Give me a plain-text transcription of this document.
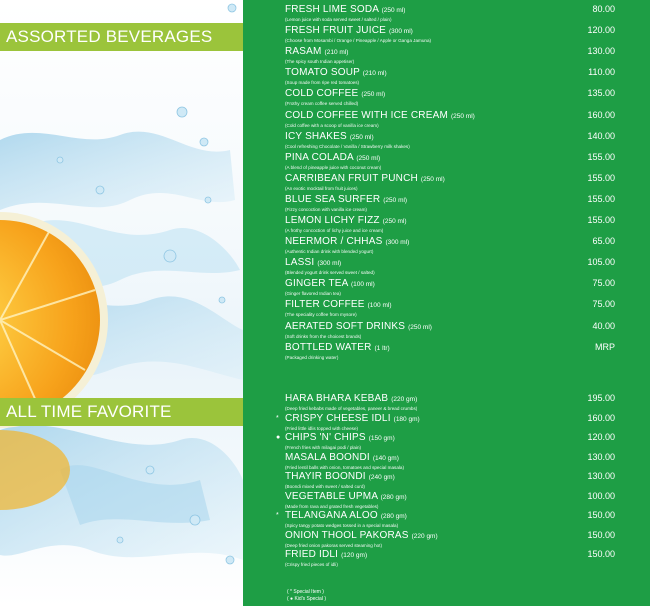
ASSORTED BEVERAGES
ALL TIME FAVORITE
FRESH LIME SODA (250 ml)
(Lemon juice with soda served sweet / salted / plain)
80.00
FRESH FRUIT JUICE (300 ml)
(Choose from Mosambi / Orange / Pineapple / Apple or Ganga Jamuna)
120.00
RASAM (210 ml)
(The spicy south Indian appetiser)
130.00
TOMATO SOUP (210 ml)
(Soup made from ripe red tomatoes)
110.00
COLD COFFEE (250 ml)
(Frothy cream coffee served chilled)
135.00
COLD COFFEE WITH ICE CREAM (250 ml)
(Cold coffee with a scoop of vanilla ice cream)
160.00
ICY SHAKES (250 ml)
(Cool refreshing Chocolate / Vanilla / Strawberry milk shakes)
140.00
PINA COLADA (250 ml)
(A blend of pineapple juice with coconut cream)
155.00
CARRIBEAN FRUIT PUNCH (250 ml)
(An exotic mocktail from fruit juices)
155.00
BLUE SEA SURFER (250 ml)
(Fizzy concoction with vanilla ice cream)
155.00
LEMON LICHY FIZZ (250 ml)
(A frothy concoction of lichy juice and ice cream)
155.00
NEERMOR / CHHAS (300 ml)
(Authentic Indian drink with blended yogurt)
65.00
LASSI (300 ml)
(Blended yogurt drink served sweet / salted)
105.00
GINGER TEA (100 ml)
(Ginger flavored Indian tea)
75.00
FILTER COFFEE (100 ml)
(The speciality coffee from mysore)
75.00
AERATED SOFT DRINKS (250 ml)
(Soft drinks from the choicest brands)
40.00
BOTTLED WATER (1 ltr)
(Packaged drinking water)
MRP
HARA BHARA KEBAB (220 gm)
(Deep fried kebabs made of vegetables, paneer & bread crumbs)
195.00
* CRISPY CHEESE IDLI (180 gm)
(Fried little idlis topped with cheese)
160.00
● CHIPS 'N' CHIPS (150 gm)
(French fries with milagai podi / plain)
120.00
MASALA BOONDI (140 gm)
(Fried lentil balls with onion, tomatoes and special masala)
130.00
THAYIR BOONDI (240 gm)
(Boondi mixed with sweet / salted curd)
130.00
VEGETABLE UPMA (280 gm)
(Made from rava and grated fresh vegetables)
100.00
* TELANGANA ALOO (280 gm)
(Spicy tangy potato wedges tossed in a special masala)
150.00
ONION THOOL PAKORAS (220 gm)
(Deep fried onion pakoras served steaming hot)
150.00
FRIED IDLI (120 gm)
(Crispy fried pieces of idli)
150.00
( * Special Item )
( ● Kid's Special )
